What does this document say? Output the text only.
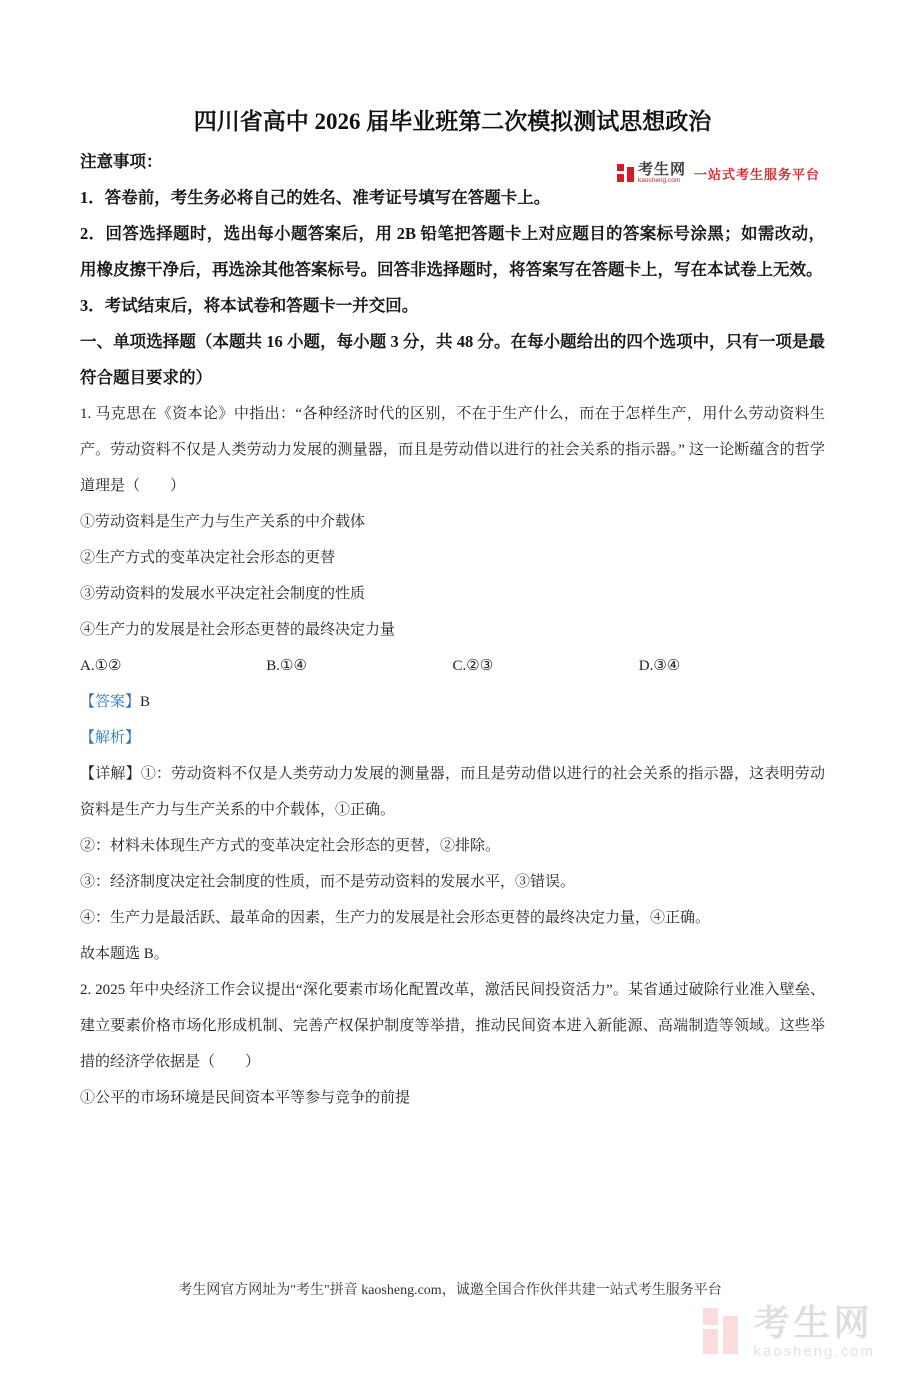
考生网
kaosheng.com	一站式考生服务平台

四川省高中 2026 届毕业班第二次模拟测试思想政治

注意事项：

1．答卷前，考生务必将自己的姓名、准考证号填写在答题卡上。

2．回答选择题时，选出每小题答案后，用 2B 铅笔把答题卡上对应题目的答案标号涂黑；如需改动，用橡皮擦干净后，再选涂其他答案标号。回答非选择题时，将答案写在答题卡上，写在本试卷上无效。

3．考试结束后，将本试卷和答题卡一并交回。

一、单项选择题（本题共 16 小题，每小题 3 分，共 48 分。在每小题给出的四个选项中，只有一项是最符合题目要求的）

1. 马克思在《资本论》中指出：“各种经济时代的区别，不在于生产什么，而在于怎样生产，用什么劳动资料生产。劳动资料不仅是人类劳动力发展的测量器，而且是劳动借以进行的社会关系的指示器。” 这一论断蕴含的哲学道理是（　　）

①劳动资料是生产力与生产关系的中介载体

②生产方式的变革决定社会形态的更替

③劳动资料的发展水平决定社会制度的性质

④生产力的发展是社会形态更替的最终决定力量

A.①②	B.①④	C.②③	D.③④

【答案】B

【解析】

【详解】①：劳动资料不仅是人类劳动力发展的测量器，而且是劳动借以进行的社会关系的指示器，这表明劳动资料是生产力与生产关系的中介载体，①正确。

②：材料未体现生产方式的变革决定社会形态的更替，②排除。

③：经济制度决定社会制度的性质，而不是劳动资料的发展水平，③错误。

④：生产力是最活跃、最革命的因素，生产力的发展是社会形态更替的最终决定力量，④正确。

故本题选 B。

2. 2025 年中央经济工作会议提出“深化要素市场化配置改革，激活民间投资活力”。某省通过破除行业准入壁垒、建立要素价格市场化形成机制、完善产权保护制度等举措，推动民间资本进入新能源、高端制造等领域。这些举措的经济学依据是（　　）

①公平的市场环境是民间资本平等参与竞争的前提

考生网官方网址为"考生"拼音 kaosheng.com，诚邀全国合作伙伴共建一站式考生服务平台

考生网
kaosheng.com
